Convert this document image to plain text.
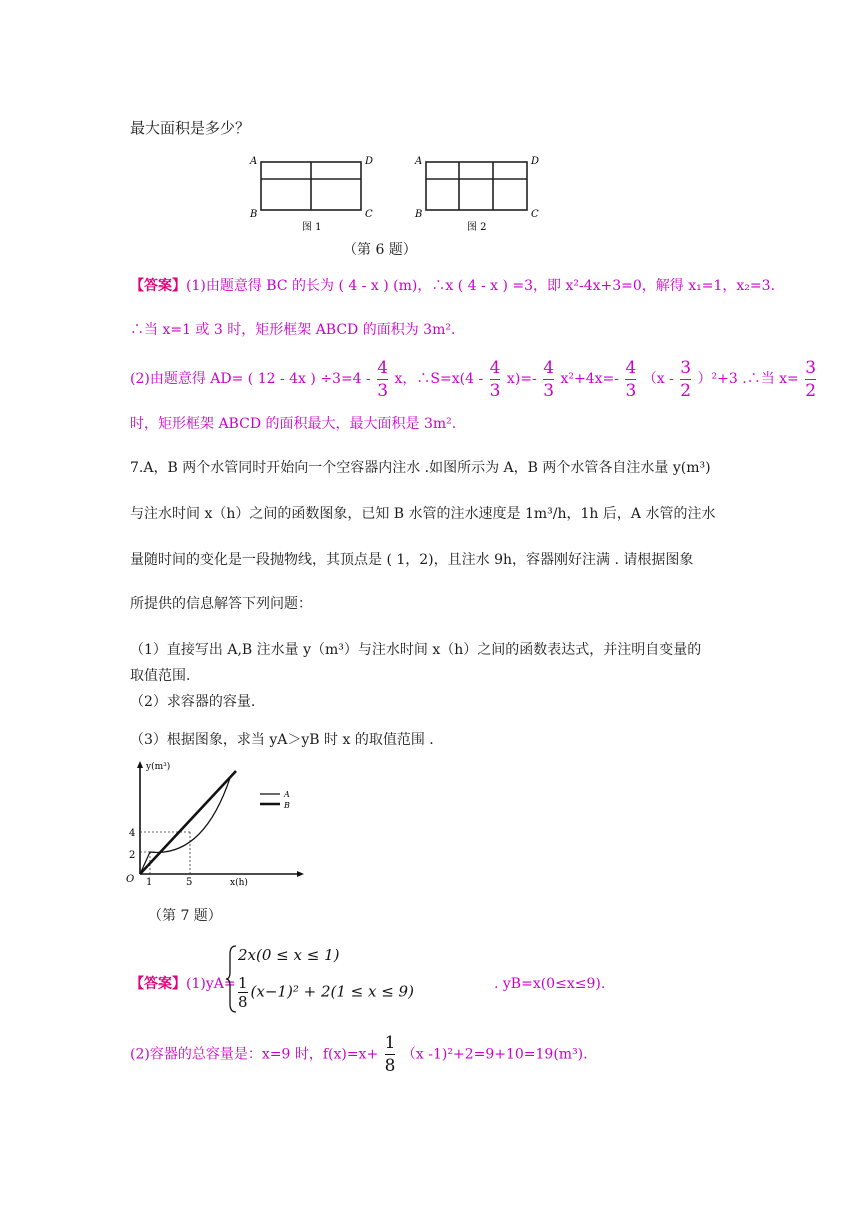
最大面积是多少？
A	D
B	C
图 1
A	D
B	C
图 2
（第 6 题）
【答案】(1)由题意得 BC 的长为 ( 4 - x ) (m)，∴x ( 4 - x ) =3，即 x²-4x+3=0，解得 x₁=1，x₂=3.
∴当 x=1 或 3 时，矩形框架 ABCD 的面积为 3m².
(2)由题意得 AD= ( 12 - 4x ) $\div 3=4 - \frac{4}{3}$ x，∴S=x(4 - $\frac{4}{3} x)=- \frac{4}{3} x^2+4x=- \frac{4}{3} (x - \frac{3}{2} )^2+3$ .∴当 $x= \frac{3}{2}$
时，矩形框架 ABCD 的面积最大，最大面积是 3m².
7.A，B 两个水管同时开始向一个空容器内注水 .如图所示为 A，B 两个水管各自注水量 y(m³)
与注水时间 x（h）之间的函数图象，已知 B 水管的注水速度是 1m³/h，1h 后，A 水管的注水
量随时间的变化是一段抛物线，其顶点是 ( 1，2)，且注水 9h，容器刚好注满 . 请根据图象
所提供的信息解答下列问题：
（1）直接写出 A,B 注水量 y（m³）与注水时间 x（h）之间的函数表达式，并注明自变量的
取值范围.
（2）求容器的容量.
（3）根据图象，求当 yA＞yB 时 x 的取值范围 .
y(m³)
x(h)
O 1	5
2
4
A
B
（第 7 题）
【答案】(1)yA=
2x(0 ≤ x ≤ 1)
$\frac{1}{8} (x-1)^2 + 2(1 \le x \le 9)$	. yB=x(0≤x≤9).
(2)容器的总容量是：x=9 时，$f(x)=x+ \frac{1}{8} (x$ -1)²+2=9+10=19(m³).
